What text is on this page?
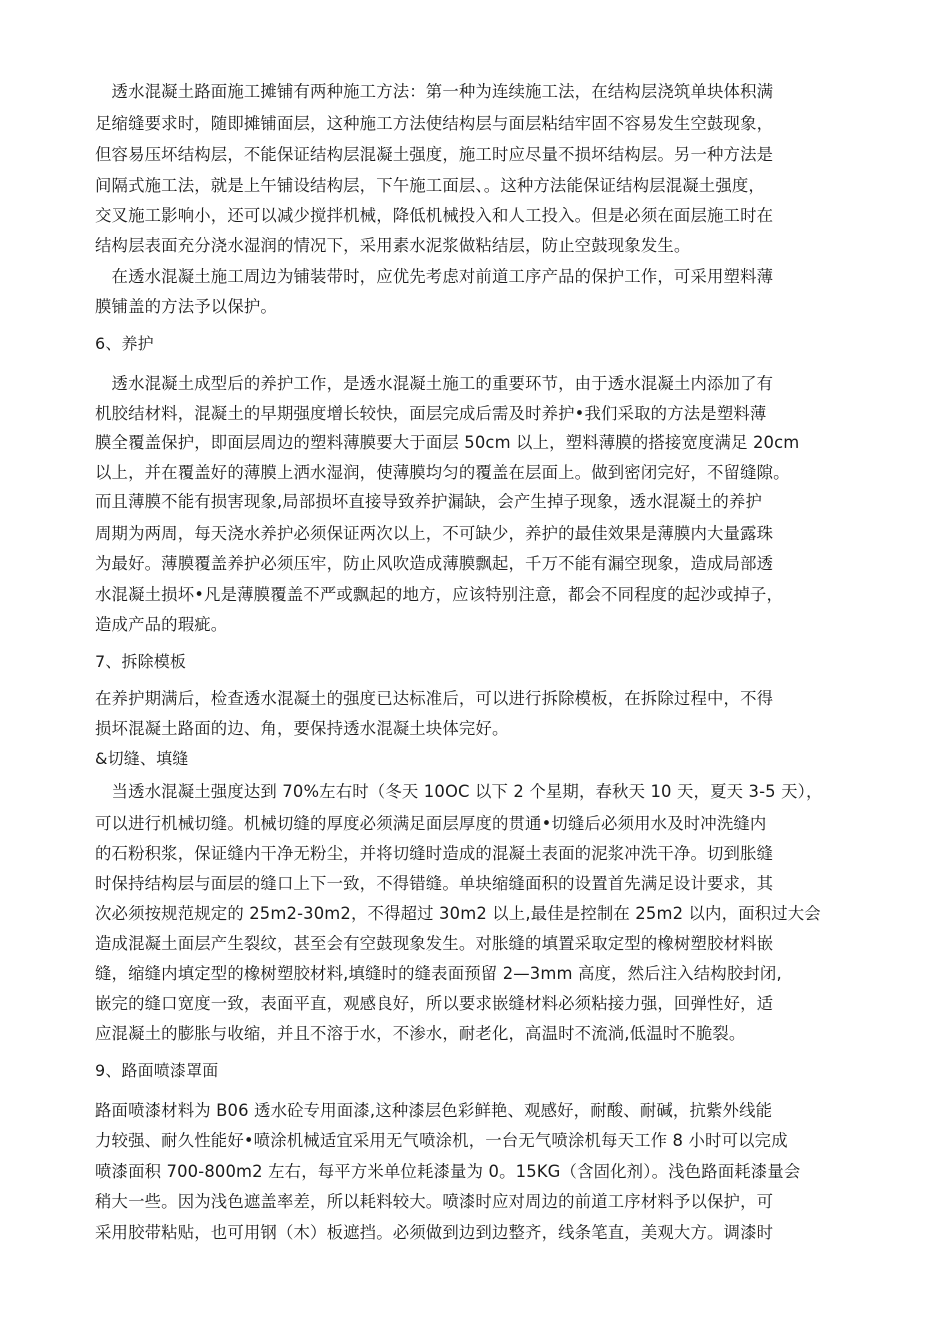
　透水混凝土路面施工摊铺有两种施工方法：第一种为连续施工法，在结构层浇筑单块体积满
足缩缝要求时，随即摊铺面层，这种施工方法使结构层与面层粘结牢固不容易发生空鼓现象，
但容易压坏结构层，不能保证结构层混凝土强度，施工时应尽量不损坏结构层。另一种方法是
间隔式施工法，就是上午铺设结构层，下午施工面层、。这种方法能保证结构层混凝土强度，
交叉施工影响小，还可以减少搅拌机械，降低机械投入和人工投入。但是必须在面层施工时在
结构层表面充分浇水湿润的情况下，采用素水泥浆做粘结层，防止空鼓现象发生。
　在透水混凝土施工周边为铺装带时，应优先考虑对前道工序产品的保护工作，可采用塑料薄
膜铺盖的方法予以保护。
6、养护
　透水混凝土成型后的养护工作，是透水混凝土施工的重要环节，由于透水混凝土内添加了有
机胶结材料，混凝土的早期强度增长较快，面层完成后需及时养护•我们采取的方法是塑料薄
膜全覆盖保护，即面层周边的塑料薄膜要大于面层 50cm 以上，塑料薄膜的搭接宽度满足 20cm
以上，并在覆盖好的薄膜上洒水湿润，使薄膜均匀的覆盖在层面上。做到密闭完好，不留缝隙。
而且薄膜不能有损害现象,局部损坏直接导致养护漏缺，会产生掉子现象，透水混凝土的养护
周期为两周，每天浇水养护必须保证两次以上，不可缺少，养护的最佳效果是薄膜内大量露珠
为最好。薄膜覆盖养护必须压牢，防止风吹造成薄膜飘起，千万不能有漏空现象，造成局部透
水混凝土损坏•凡是薄膜覆盖不严或飘起的地方，应该特别注意，都会不同程度的起沙或掉子，
造成产品的瑕疵。
7、拆除模板
在养护期满后，检查透水混凝土的强度已达标准后，可以进行拆除模板，在拆除过程中，不得
损坏混凝土路面的边、角，要保持透水混凝土块体完好。
&切缝、填缝
　当透水混凝土强度达到 70%左右时（冬天 10OC 以下 2 个星期，春秋天 10 天，夏天 3-5 天），
可以进行机械切缝。机械切缝的厚度必须满足面层厚度的贯通•切缝后必须用水及时冲洗缝内
的石粉积浆，保证缝内干净无粉尘，并将切缝时造成的混凝土表面的泥浆冲洗干净。切到胀缝
时保持结构层与面层的缝口上下一致，不得错缝。单块缩缝面积的设置首先满足设计要求，其
次必须按规范规定的 25m2-30m2，不得超过 30m2 以上,最佳是控制在 25m2 以内，面积过大会
造成混凝土面层产生裂纹，甚至会有空鼓现象发生。对胀缝的填置采取定型的橡树塑胶材料嵌
缝，缩缝内填定型的橡树塑胶材料,填缝时的缝表面预留 2—3mm 高度，然后注入结构胶封闭,
嵌完的缝口宽度一致，表面平直，观感良好，所以要求嵌缝材料必须粘接力强，回弹性好，适
应混凝土的膨胀与收缩，并且不溶于水，不渗水，耐老化，高温时不流淌,低温时不脆裂。
9、路面喷漆罩面
路面喷漆材料为 B06 透水砼专用面漆,这种漆层色彩鲜艳、观感好，耐酸、耐碱，抗紫外线能
力较强、耐久性能好•喷涂机械适宜采用无气喷涂机，一台无气喷涂机每天工作 8 小时可以完成
喷漆面积 700-800m2 左右，每平方米单位耗漆量为 0。15KG（含固化剂）。浅色路面耗漆量会
稍大一些。因为浅色遮盖率差，所以耗料较大。喷漆时应对周边的前道工序材料予以保护，可
采用胶带粘贴，也可用钢（木）板遮挡。必须做到边到边整齐，线条笔直，美观大方。调漆时
